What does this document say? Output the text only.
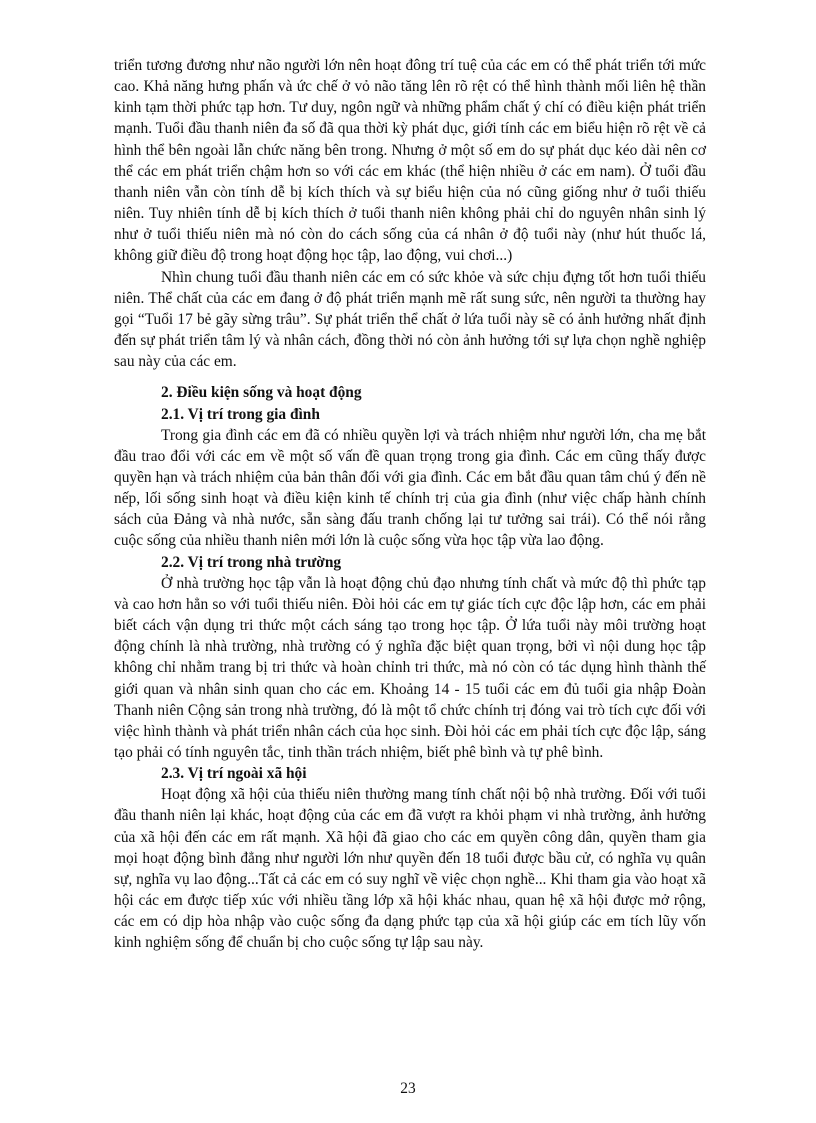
triển tương đương như não người lớn nên hoạt đông trí tuệ của các em có thể phát triển tới mức cao. Khả năng hưng phấn và ức chế ở vỏ não tăng lên rõ rệt có thể hình thành mối liên hệ thần kinh tạm thời phức tạp hơn. Tư duy, ngôn ngữ và những phẩm chất ý chí có điều kiện phát triển mạnh. Tuổi đầu thanh niên đa số đã qua thời kỳ phát dục, giới tính các em biểu hiện rõ rệt về cả hình thể bên ngoài lẫn chức năng bên trong. Nhưng ở một số em do sự phát dục kéo dài nên cơ thể các em phát triển chậm hơn so với các em khác (thể hiện nhiều ở các em nam). Ở tuổi đầu thanh niên vẫn còn tính dễ bị kích thích và sự biểu hiện của nó cũng giống như ở tuổi thiếu niên. Tuy nhiên tính dễ bị kích thích ở tuổi thanh niên không phải chỉ do nguyên nhân sinh lý như ở tuổi thiếu niên mà nó còn do cách sống của cá nhân ở độ tuổi này (như hút thuốc lá, không giữ điều độ trong hoạt động học tập, lao động, vui chơi...)

Nhìn chung tuổi đầu thanh niên các em có sức khỏe và sức chịu đựng tốt hơn tuổi thiếu niên. Thể chất của các em đang ở độ phát triển mạnh mẽ rất sung sức, nên người ta thường hay gọi “Tuổi 17 bẻ gãy sừng trâu”. Sự phát triển thể chất ở lứa tuổi này sẽ có ảnh hưởng nhất định đến sự phát triển tâm lý và nhân cách, đồng thời nó còn ảnh hưởng tới sự lựa chọn nghề nghiệp sau này của các em.

2. Điều kiện sống và hoạt động

2.1. Vị trí trong gia đình

Trong gia đình các em đã có nhiều quyền lợi và trách nhiệm như người lớn, cha mẹ bắt đầu trao đổi với các em về một số vấn đề quan trọng trong gia đình. Các em cũng thấy được quyền hạn và trách nhiệm của bản thân đối với gia đình. Các em bắt đầu quan tâm chú ý đến nề nếp, lối sống sinh hoạt và điều kiện kinh tế chính trị của gia đình (như việc chấp hành chính sách của Đảng và nhà nước, sẵn sàng đấu tranh chống lại tư tưởng sai trái). Có thể nói rằng cuộc sống của nhiều thanh niên mới lớn là cuộc sống vừa học tập vừa lao động.

2.2. Vị trí trong nhà trường

Ở nhà trường học tập vẫn là hoạt động chủ đạo nhưng tính chất và mức độ thì phức tạp và cao hơn hẳn so với tuổi thiếu niên. Đòi hỏi các em tự giác tích cực độc lập hơn, các em phải biết cách vận dụng tri thức một cách sáng tạo trong học tập. Ở lứa tuổi này môi trường hoạt động chính là nhà trường, nhà trường có ý nghĩa đặc biệt quan trọng, bởi vì nội dung học tập không chỉ nhằm trang bị tri thức và hoàn chỉnh tri thức, mà nó còn có tác dụng hình thành thế giới quan và nhân sinh quan cho các em. Khoảng 14 - 15 tuổi các em đủ tuổi gia nhập Đoàn Thanh niên Cộng sản trong nhà trường, đó là một tổ chức chính trị đóng vai trò tích cực đối với việc hình thành và phát triển nhân cách của học sinh. Đòi hỏi các em phải tích cực độc lập, sáng tạo phải có tính nguyên tắc, tinh thần trách nhiệm, biết phê bình và tự phê bình.

2.3. Vị trí ngoài xã hội

Hoạt động xã hội của thiếu niên thường mang tính chất nội bộ nhà trường. Đối với tuổi đầu thanh niên lại khác, hoạt động của các em đã vượt ra khỏi phạm vi nhà trường, ảnh hưởng của xã hội đến các em rất mạnh. Xã hội đã giao cho các em quyền công dân, quyền tham gia mọi hoạt động bình đẳng như người lớn như quyền đến 18 tuổi được bầu cử, có nghĩa vụ quân sự, nghĩa vụ lao động...Tất cả các em có suy nghĩ về việc chọn nghề... Khi tham gia vào hoạt xã hội các em được tiếp xúc với nhiều tầng lớp xã hội khác nhau, quan hệ xã hội được mở rộng, các em có dịp hòa nhập vào cuộc sống đa dạng phức tạp của xã hội giúp các em tích lũy vốn kinh nghiệm sống để chuẩn bị cho cuộc sống tự lập sau này.

23
